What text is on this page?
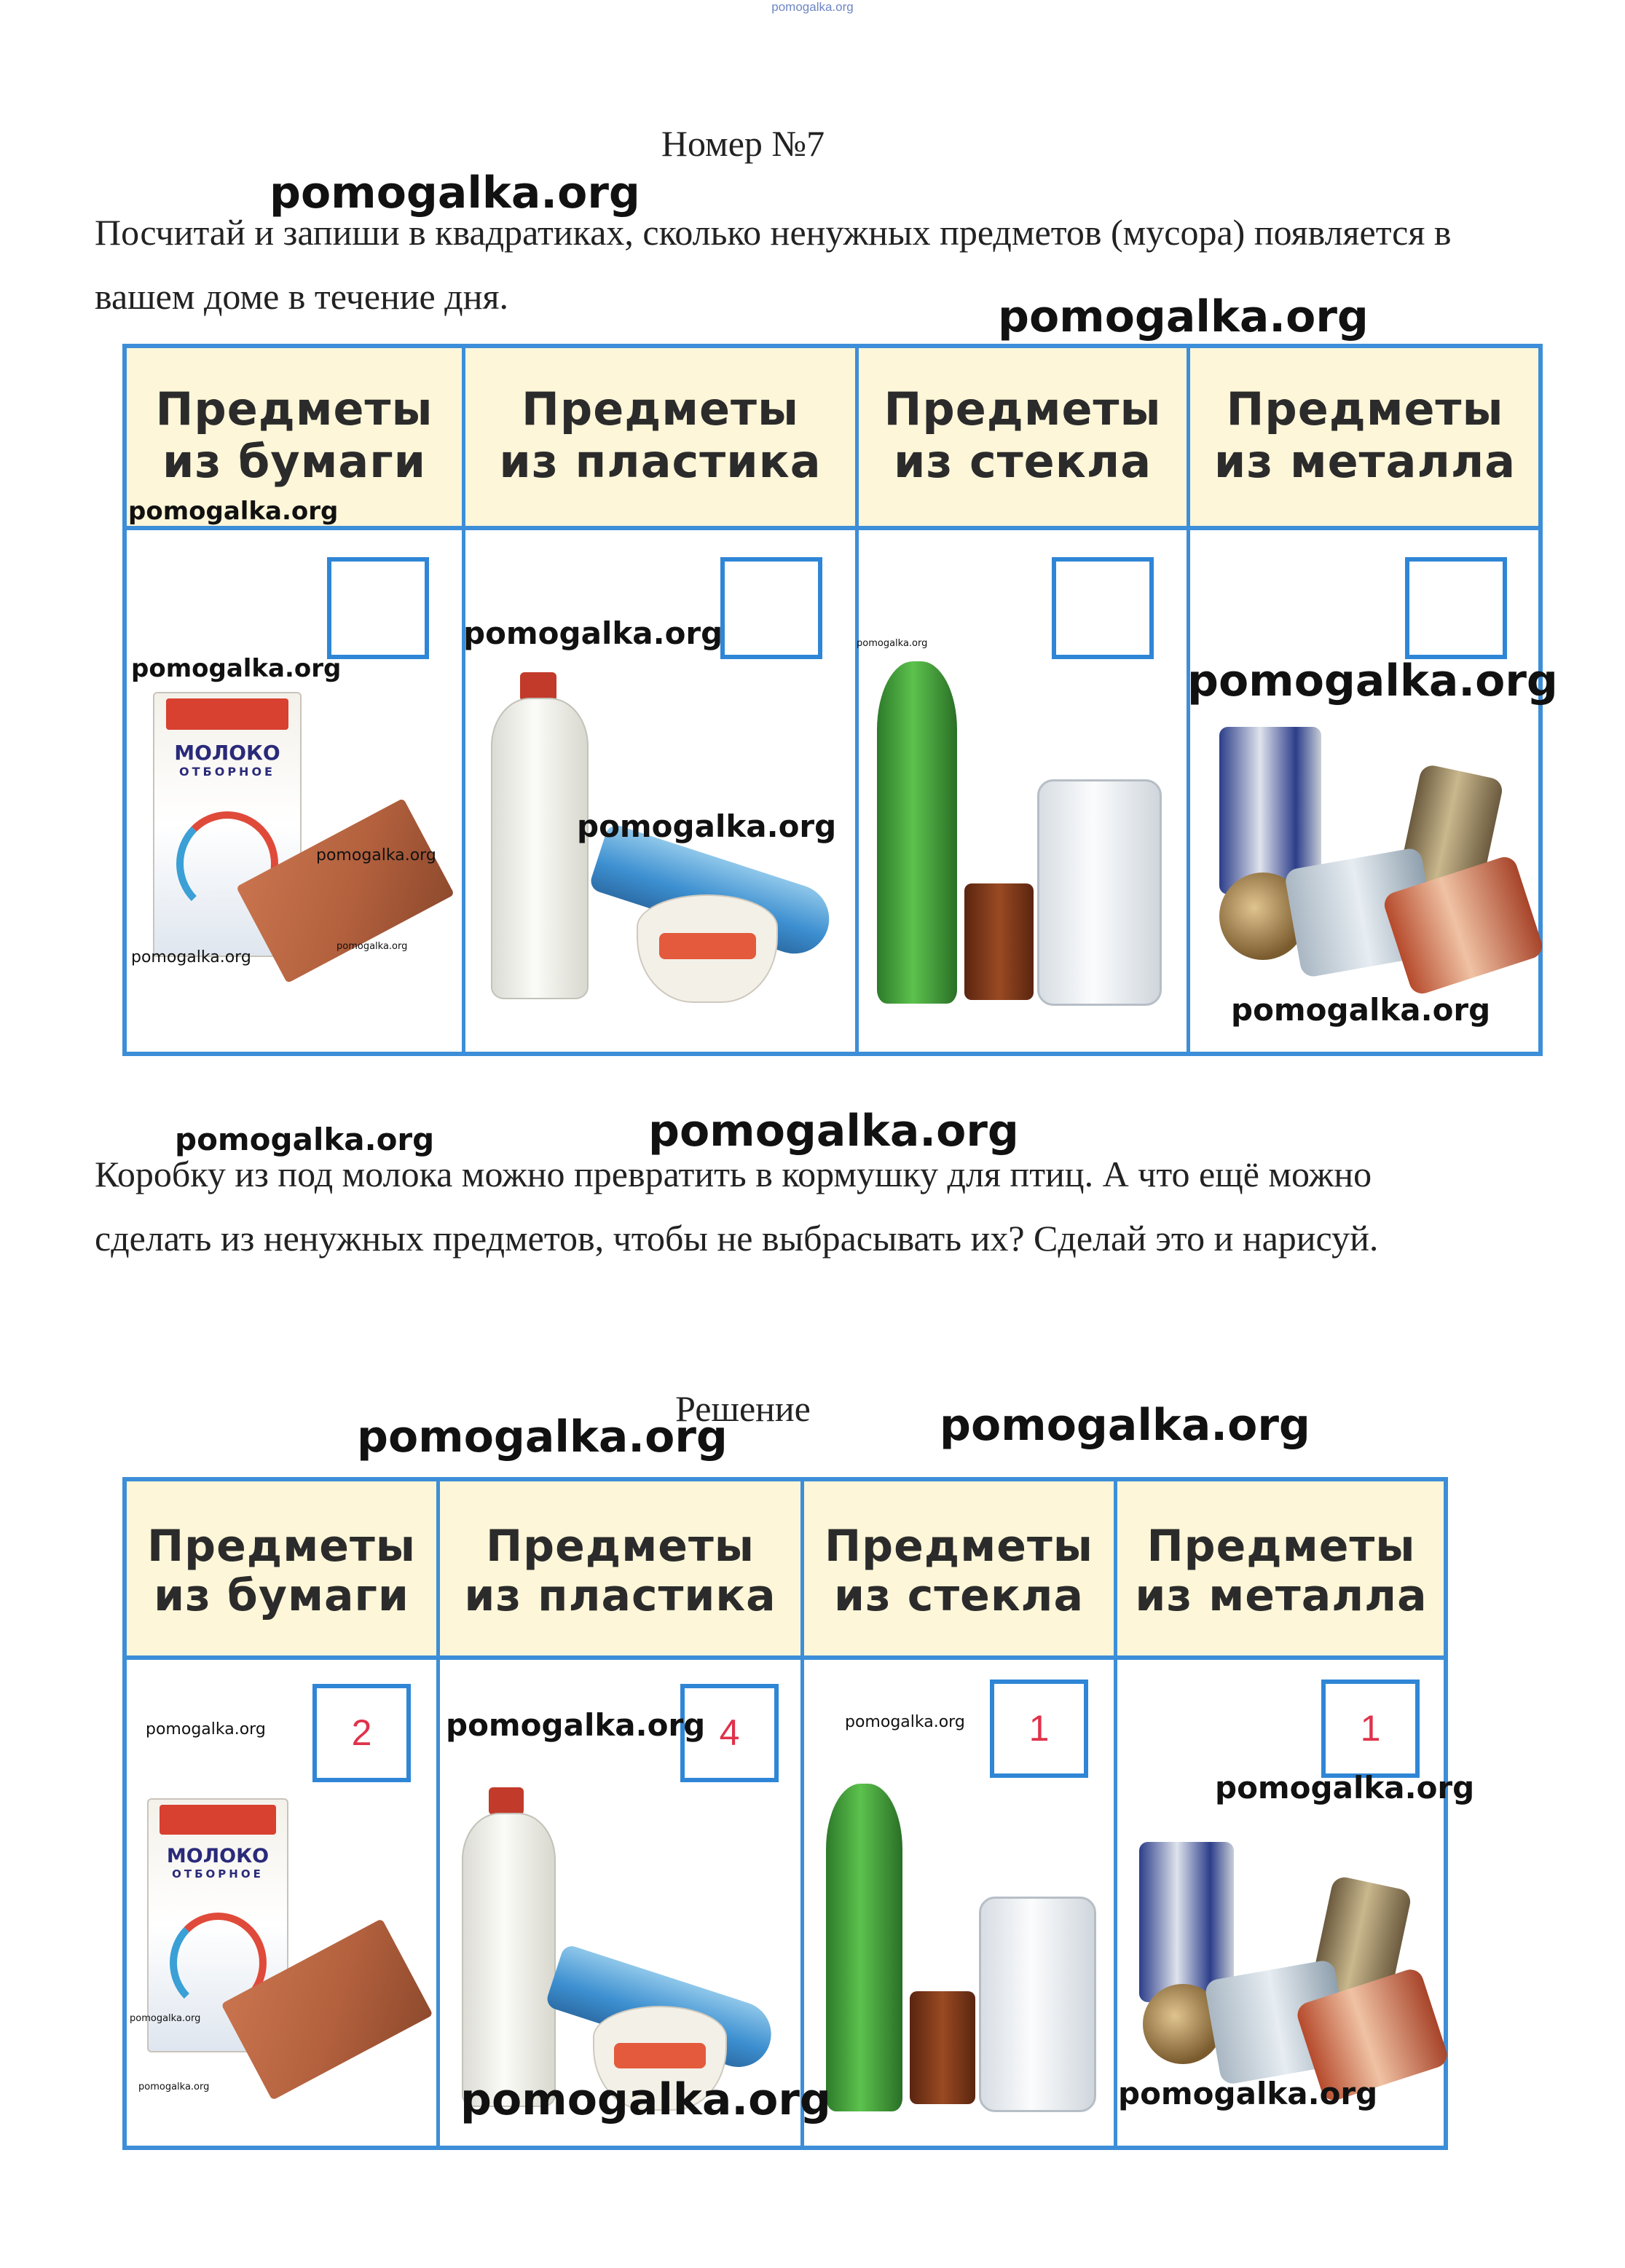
pomogalka.org
Номер №7
Посчитай и запиши в квадратиках, сколько ненужных предметов (мусора) появляется в вашем доме в течение дня.
Предметы
из бумаги
Предметы
из пластика
Предметы
из стекла
Предметы
из металла
МОЛОКО
ОТБОРНОЕ
Коробку из под молока можно превратить в кормушку для птиц. А что ещё можно сделать из ненужных предметов, чтобы не выбрасывать их? Сделай это и нарисуй.
Решение
Предметы
из бумаги
Предметы
из пластика
Предметы
из стекла
Предметы
из металла
2	4	1	1
МОЛОКО
ОТБОРНОЕ
pomogalka.org
pomogalka.org
pomogalka.org
pomogalka.org
pomogalka.org	pomogalka.org
pomogalka.org
pomogalka.org
pomogalka.org
pomogalka.org
pomogalka.org
pomogalka.org
pomogalka.org	pomogalka.org
pomogalka.org	pomogalka.org
pomogalka.org	pomogalka.org	pomogalka.org
pomogalka.org
pomogalka.org
pomogalka.org	pomogalka.org	pomogalka.org
